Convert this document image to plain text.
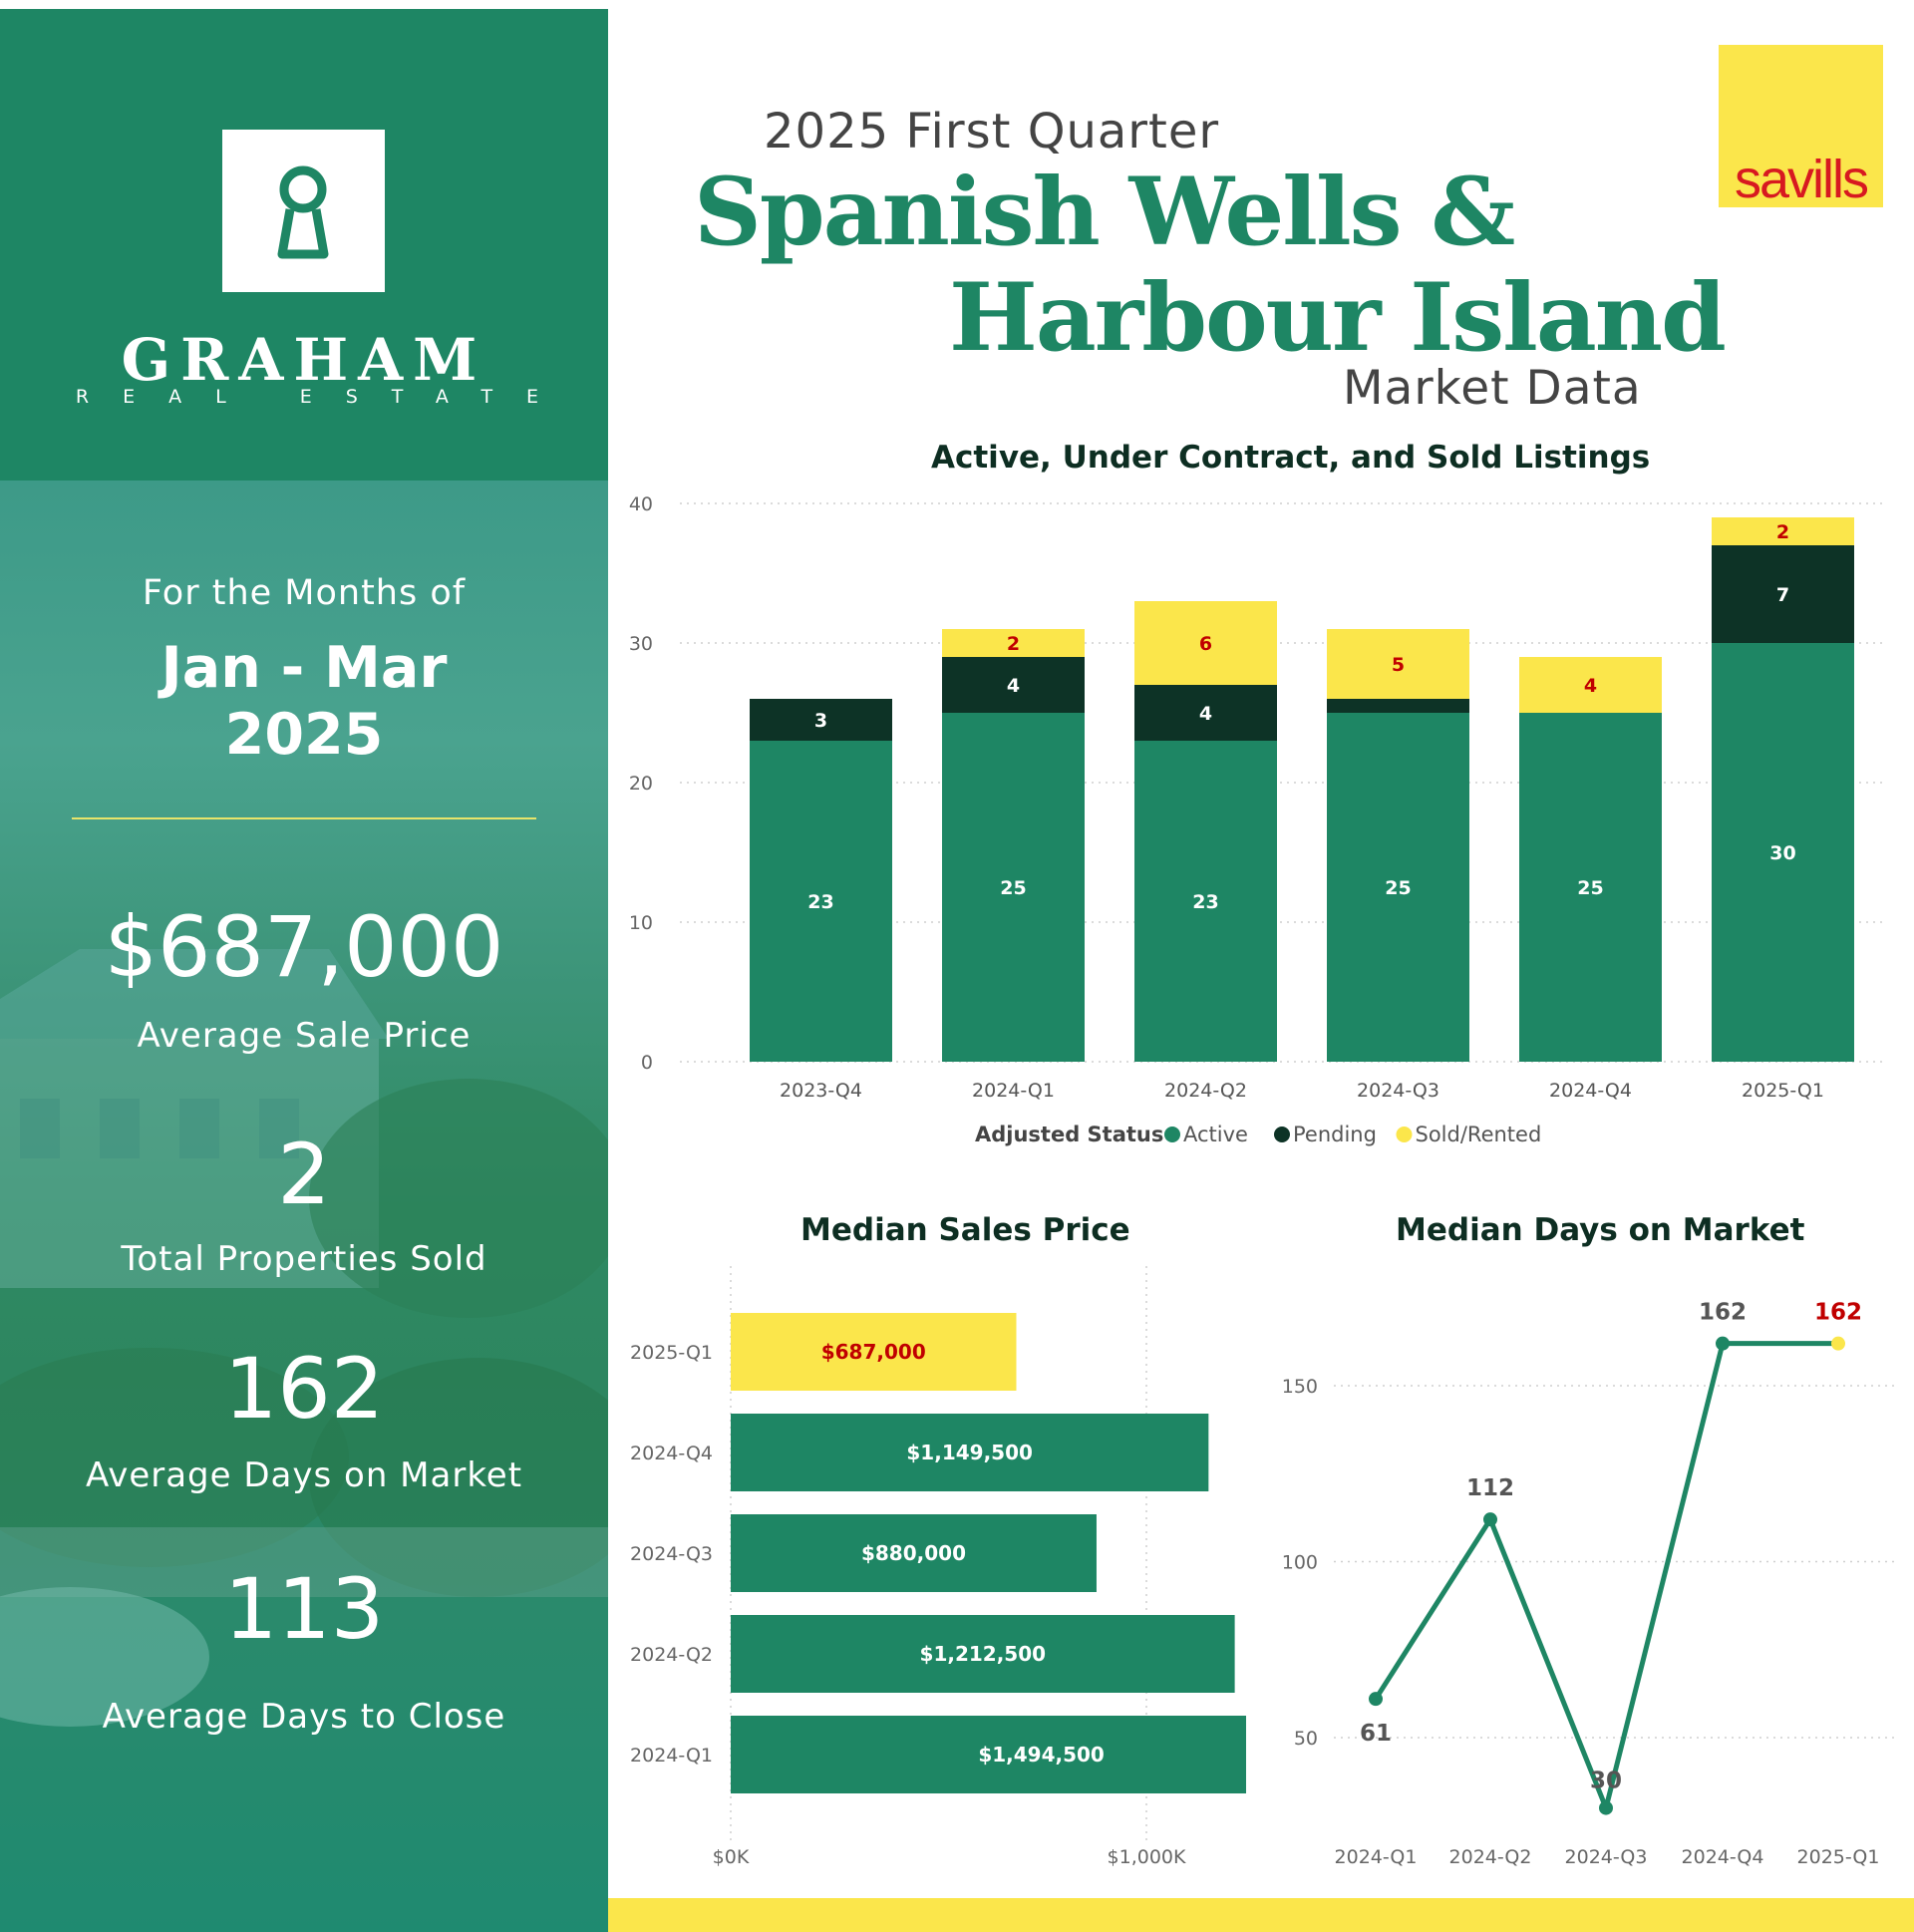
GRAHAM
REAL ESTATE
For the Months of
Jan - Mar
2025
$687,000
Average Sale Price
2
Total Properties Sold
162
Average Days on Market
113
Average Days to Close
2025 First Quarter
Spanish Wells &
Harbour Island
Market Data
savills
Active, Under Contract, and Sold Listings
0
10
20
30
40
23
3
2023-Q4
25
4
2
2024-Q1
23
4
6
2024-Q2
25
5
2024-Q3
25
4
2024-Q4
30
7
2
2025-Q1
Adjusted Status Active Pending Sold/Rented
Median Sales Price
$687,000
2025-Q1
$1,149,500
2024-Q4
$880,000
2024-Q3
$1,212,500
2024-Q2
$1,494,500
2024-Q1
$0K	$1,000K
Median Days on Market
50
100
150
61
2024-Q1
112
2024-Q2
30
2024-Q3
162
2024-Q4
162
2025-Q1
